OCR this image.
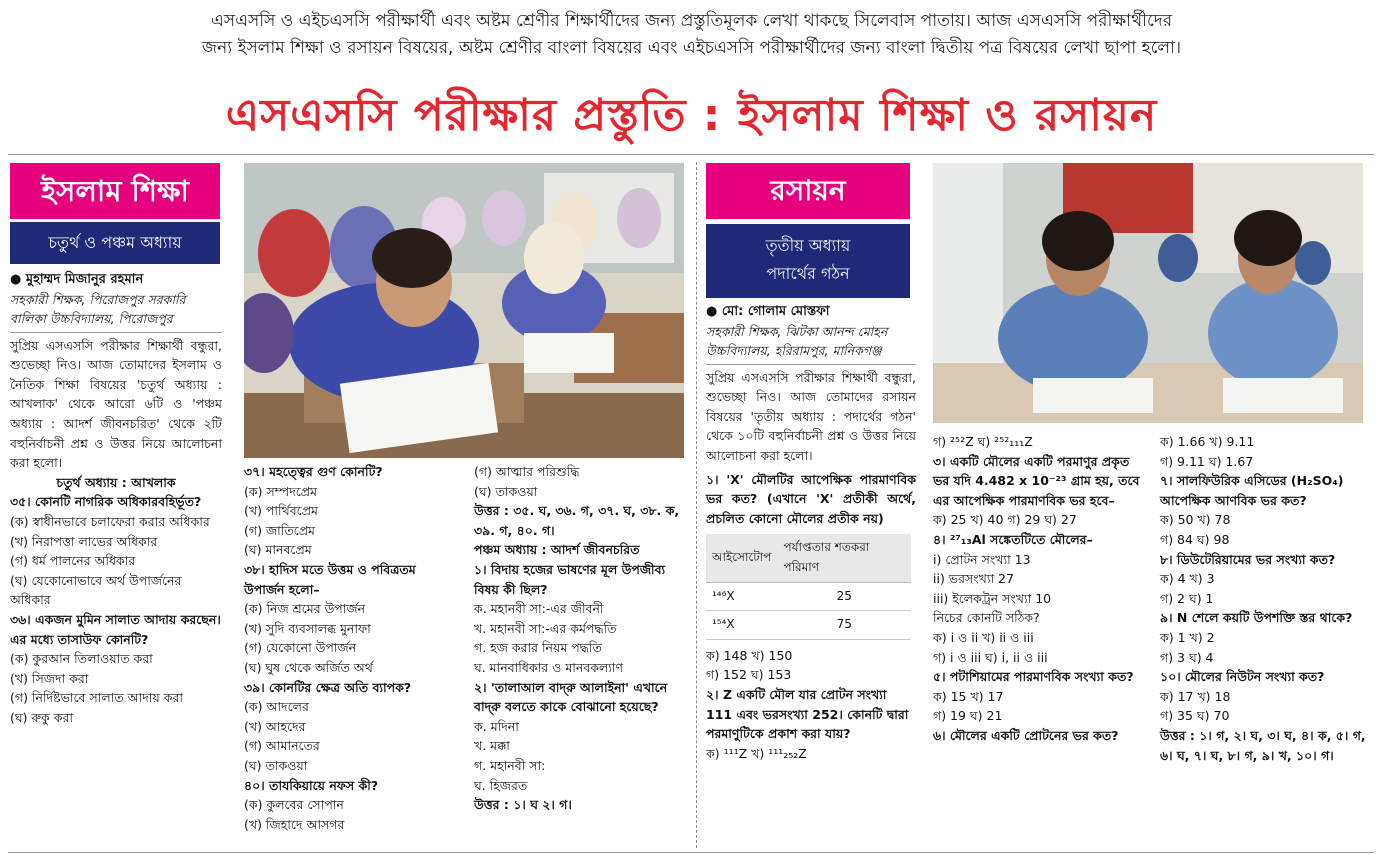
এসএসসি ও এইচএসসি পরীক্ষার্থী এবং অষ্টম শ্রেণীর শিক্ষার্থীদের জন্য প্রস্তুতিমূলক লেখা থাকছে সিলেবাস পাতায়। আজ এসএসসি পরীক্ষার্থীদের
জন্য ইসলাম শিক্ষা ও রসায়ন বিষয়ের, অষ্টম শ্রেণীর বাংলা বিষয়ের এবং এইচএসসি পরীক্ষার্থীদের জন্য বাংলা দ্বিতীয় পত্র বিষয়ের লেখা ছাপা হলো।
এসএসসি পরীক্ষার প্রস্তুতি : ইসলাম শিক্ষা ও রসায়ন
ইসলাম শিক্ষা
চতুর্থ ও পঞ্চম অধ্যায়

● মুহাম্মদ মিজানুর রহমান

সহকারী শিক্ষক, পিরোজপুর সরকারি বালিকা উচ্চবিদ্যালয়, পিরোজপুর

সুপ্রিয় এসএসসি পরীক্ষার শিক্ষার্থী বন্ধুরা, শুভেচ্ছা নিও। আজ তোমাদের ইসলাম ও নৈতিক শিক্ষা বিষয়ের 'চতুর্থ অধ্যায় : আখলাক' থেকে আরো ৬টি ও 'পঞ্চম অধ্যায় : আদর্শ জীবনচরিত' থেকে ২টি বহুনির্বাচনী প্রশ্ন ও উত্তর নিয়ে আলোচনা করা হলো।

চতুর্থ অধ্যায় : আখলাক

৩৫। কোনটি নাগরিক অধিকারবহির্ভূত?

(ক) স্বাধীনভাবে চলাফেরা করার অধিকার

(খ) নিরাপত্তা লাভের অধিকার

(গ) ধর্ম পালনের অধিকার

(ঘ) যেকোনোভাবে অর্থ উপার্জনের অধিকার

৩৬। একজন মুমিন সালাত আদায় করছেন। এর মধ্যে তাসাউফ কোনটি?

(ক) কুরআন তিলাওয়াত করা

(খ) সিজদা করা

(গ) নির্দিষ্টভাবে সালাত আদায় করা

(ঘ) রুকু করা

৩৭। মহত্ত্বের গুণ কোনটি?

(ক) সম্পদপ্রেম

(খ) পার্থিবপ্রেম

(গ) জাতিপ্রেম

(ঘ) মানবপ্রেম

৩৮। হাদিস মতে উত্তম ও পবিত্রতম উপার্জন হলো–

(ক) নিজ শ্রমের উপার্জন

(খ) সুদি ব্যবসালব্ধ মুনাফা

(গ) যেকোনো উপার্জন

(ঘ) ঘুষ থেকে অর্জিত অর্থ

৩৯। কোনটির ক্ষেত্র অতি ব্যাপক?

(ক) আদলের

(খ) আহদের

(গ) আমানতের

(ঘ) তাকওয়া

৪০। তাযকিয়ায়ে নফস কী?

(ক) কুলবের সোপান

(খ) জিহাদে আসগর

(গ) আত্মার পরিশুদ্ধি

(ঘ) তাকওয়া

উত্তর : ৩৫. ঘ, ৩৬. গ, ৩৭. ঘ, ৩৮. ক, ৩৯. গ, ৪০. গ।

পঞ্চম অধ্যায় : আদর্শ জীবনচরিত

১। বিদায় হজের ভাষণের মূল উপজীব্য বিষয় কী ছিল?

ক. মহানবী সা:-এর জীবনী

খ. মহানবী সা:-এর কর্মপদ্ধতি

গ. হজ করার নিয়ম পদ্ধতি

ঘ. মানবাধিকার ও মানবকল্যাণ

২। 'তালাআল বাদ্‌রু আলাইনা' এখানে বাদ্‌রু বলতে কাকে বোঝানো হয়েছে?

ক. মদিনা

খ. মক্কা

গ. মহানবী সা:

ঘ. হিজরত

উত্তর : ১। ঘ ২। গ।

রসায়ন
তৃতীয় অধ্যায়
পদার্থের গঠন

● মো: গোলাম মোস্তফা

সহকারী শিক্ষক, ঝিটকা আনন্দ মোহন উচ্চবিদ্যালয়, হরিরামপুর, মানিকগঞ্জ

সুপ্রিয় এসএসসি পরীক্ষার শিক্ষার্থী বন্ধুরা, শুভেচ্ছা নিও। আজ তোমাদের রসায়ন বিষয়ের 'তৃতীয় অধ্যায় : পদার্থের গঠন' থেকে ১০টি বহুনির্বাচনী প্রশ্ন ও উত্তর নিয়ে আলোচনা করা হলো।

১। 'X' মৌলটির আপেক্ষিক পারমাণবিক ভর কত? (এখানে 'X' প্রতীকী অর্থে, প্রচলিত কোনো মৌলের প্রতীক নয়)

আইসোটোপ	পর্যাপ্ততার শতকরা পরিমাণ
¹⁴⁶X	25
¹⁵⁴X	75

ক) 148 খ) 150

গ) 152 ঘ) 153

২। Z একটি মৌল যার প্রোটন সংখ্যা 111 এবং ভরসংখ্যা 252। কোনটি দ্বারা পরমাণুটিকে প্রকাশ করা যায়?

ক) ¹¹¹Z খ) ¹¹¹₂₅₂Z

গ) ²⁵²Z ঘ) ²⁵²₁₁₁Z

৩। একটি মৌলের একটি পরমাণুর প্রকৃত ভর যদি 4.482 x 10⁻²³ গ্রাম হয়, তবে এর আপেক্ষিক পারমাণবিক ভর হবে–

ক) 25 খ) 40 গ) 29 ঘ) 27

৪। ²⁷₁₃Al সঙ্কেতটিতে মৌলের–

i) প্রোটন সংখ্যা 13

ii) ভরসংখ্যা 27

iii) ইলেকট্রন সংখ্যা 10

নিচের কোনটি সঠিক?

ক) i ও ii খ) ii ও iii

গ) i ও iii ঘ) i, ii ও iii

৫। পটাশিয়ামের পারমাণবিক সংখ্যা কত?

ক) 15 খ) 17

গ) 19 ঘ) 21

৬। মৌলের একটি প্রোটনের ভর কত?

ক) 1.66 খ) 9.11

গ) 9.11 ঘ) 1.67

৭। সালফিউরিক এসিডের (H₂SO₄) আপেক্ষিক আণবিক ভর কত?

ক) 50 খ) 78

গ) 84 ঘ) 98

৮। ডিউটেরিয়ামের ভর সংখ্যা কত?

ক) 4 খ) 3

গ) 2 ঘ) 1

৯। N শেলে কয়টি উপশক্তি স্তর থাকে?

ক) 1 খ) 2

গ) 3 ঘ) 4

১০। মৌলের নিউটন সংখ্যা কত?

ক) 17 খ) 18

গ) 35 ঘ) 70

উত্তর : ১। গ, ২। ঘ, ৩। ঘ, ৪। ক, ৫। গ, ৬। ঘ, ৭। ঘ, ৮। গ, ৯। খ, ১০। গ।
